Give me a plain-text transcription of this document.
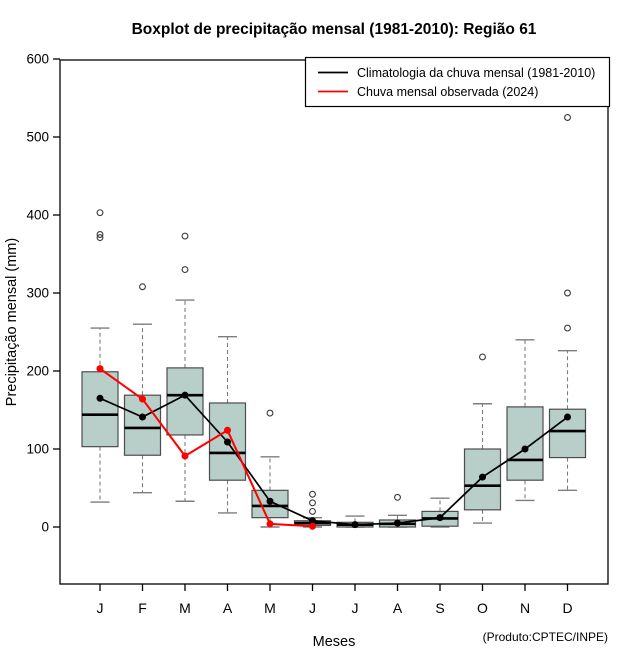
Boxplot de precipitação mensal (1981-2010): Região 61
Precipitação mensal (mm)
0
100
200
300
400
500
600
J F M A M J	J A S O N D
Meses	(Produto:CPTEC/INPE)
Climatologia da chuva mensal (1981-2010)
Chuva mensal observada (2024)
